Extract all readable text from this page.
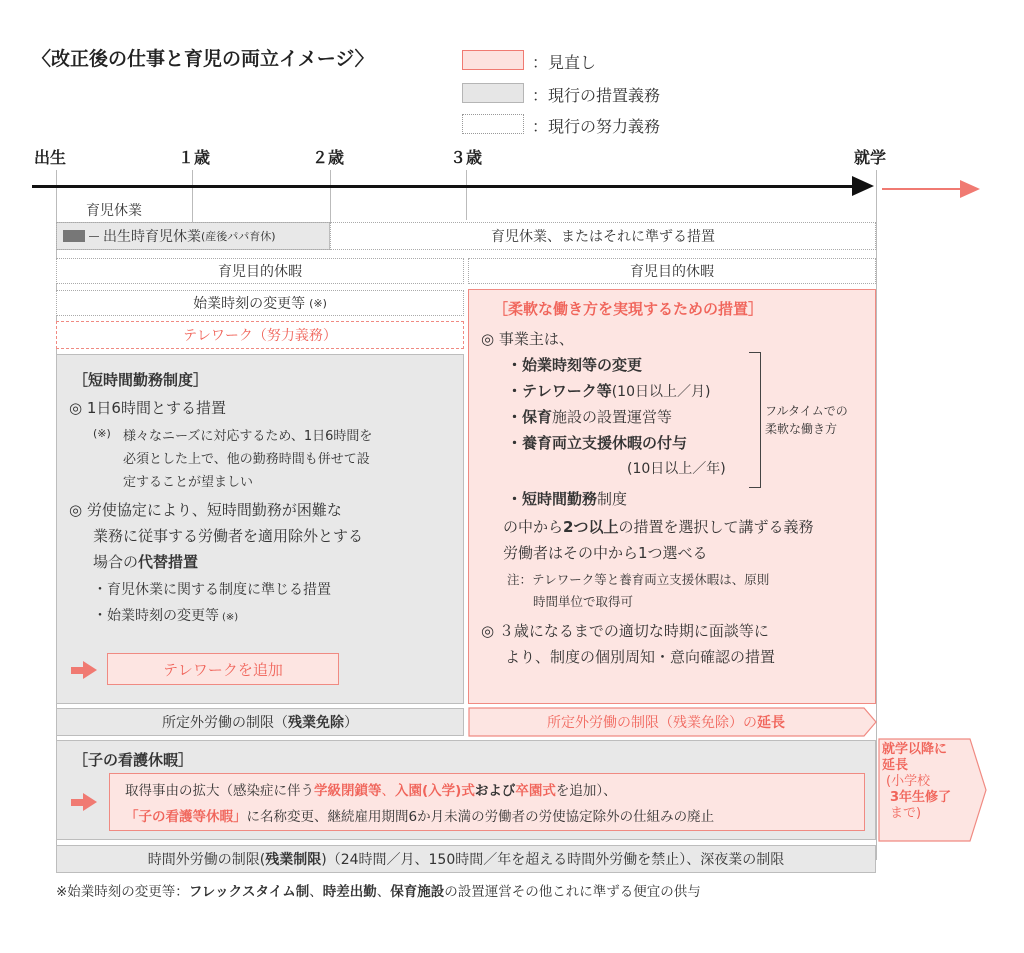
〈改正後の仕事と育児の両立イメージ〉	：見直し
：現行の措置義務
：現行の努力義務
出生	１歳	２歳	３歳	就学
育児休業
出生時育児休業 (産後パパ育休)	育児休業、またはそれに準ずる措置
育児目的休暇	育児目的休暇
始業時刻の変更等 (※)
テレワーク（努力義務）
［短時間勤務制度］
◎ 1日6時間とする措置
(※) 様々なニーズに対応するため、1日6時間を
必須とした上で、他の勤務時間も併せて設
定することが望ましい
◎ 労使協定により、短時間勤務が困難な
業務に従事する労働者を適用除外とする
場合の代替措置
・育児休業に関する制度に準じる措置
・始業時刻の変更等 (※)
テレワークを追加
［柔軟な働き方を実現するための措置］
◎ 事業主は、
・始業時刻等の変更
・テレワーク等(10日以上／月)
・保育施設の設置運営等
・養育両立支援休暇の付与
(10日以上／年)
フルタイムでの
柔軟な働き方
・短時間勤務制度
の中から2つ以上の措置を選択して講ずる義務
労働者はその中から1つ選べる
注：テレワーク等と養育両立支援休暇は、原則
時間単位で取得可
◎ ３歳になるまでの適切な時期に面談等に
より、制度の個別周知・意向確認の措置
所定外労働の制限（ 残業免除 ）	所定外労働の制限（残業免除）の 延長
［子の看護休暇］
取得事由の拡大（感染症に伴う学級閉鎖等、入園(入学)式および卒園式を追加）、
「子の看護等休暇」に名称変更、継続雇用期間6か月未満の労働者の労使協定除外の仕組みの廃止
就学以降に
延長
(小学校
3年生修了
まで)
時間外労働の制限( 残業制限 )（24時間／月、150時間／年を超える時間外労働を禁止）、深夜業の制限
※始業時刻の変更等：フレックスタイム制、時差出勤、保育施設の設置運営その他これに準ずる便宜の供与
